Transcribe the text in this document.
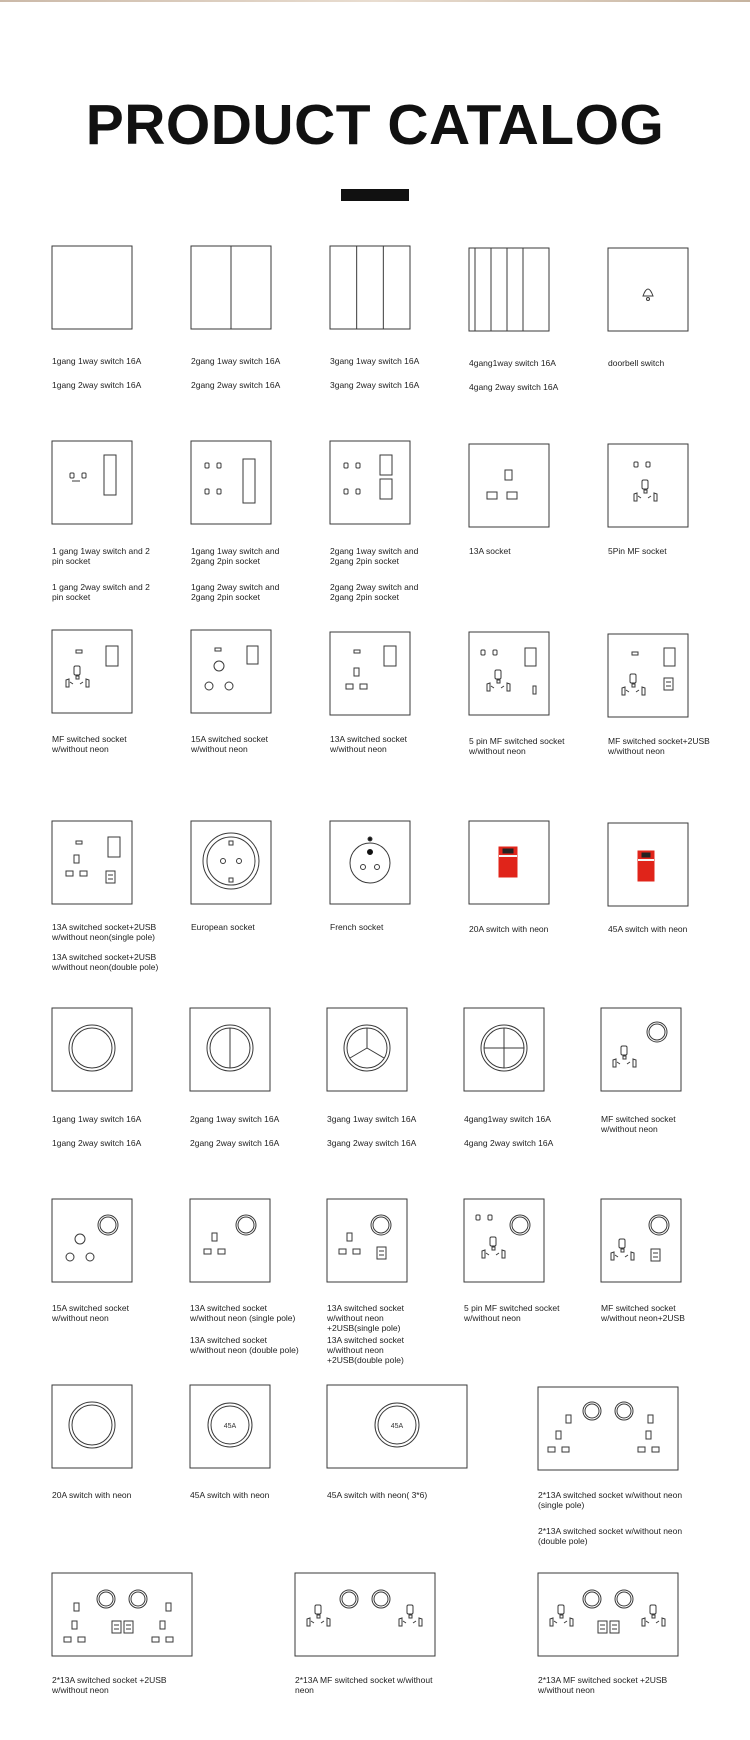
PRODUCT CATALOG
1gang 1way switch 16A
1gang 2way switch 16A
2gang 1way switch 16A
2gang 2way switch 16A
3gang 1way switch 16A
3gang 2way switch 16A
4gang1way switch 16A
4gang 2way switch 16A
doorbell switch
1 gang 1way switch and 2 pin socket
1 gang 2way switch and 2 pin socket
1gang 1way switch and 2gang 2pin socket
1gang 2way switch and 2gang 2pin socket
2gang 1way switch and 2gang 2pin socket
2gang 2way switch and 2gang 2pin socket
13A socket	5Pin MF socket
MF switched socket w/without neon
15A switched socket w/without neon
13A switched socket w/without neon
5 pin MF switched socket w/without neon
MF switched socket+2USB w/without neon
13A switched socket+2USB w/without neon(single pole)
13A switched socket+2USB w/without neon(double pole)
European socket	French socket	20A switch with neon	45A switch with neon
1gang 1way switch 16A
1gang 2way switch 16A
2gang 1way switch 16A
2gang 2way switch 16A
3gang 1way switch 16A
3gang 2way switch 16A
4gang1way switch 16A
4gang 2way switch 16A
MF switched socket w/without neon
15A switched socket w/without neon
13A switched socket w/without neon (single pole)
13A switched socket w/without neon (double pole)
13A switched socket w/without neon +2USB(single pole)
13A switched socket w/without neon +2USB(double pole)
5 pin MF switched socket w/without neon
MF switched socket w/without neon+2USB
20A switch with neon
45A
45A switch with neon
45A
45A switch with neon( 3*6)	2*13A switched socket w/without neon (single pole)
2*13A switched socket w/without neon (double pole)
2*13A switched socket +2USB w/without neon
2*13A MF switched socket w/without neon
2*13A MF switched socket +2USB w/without neon
